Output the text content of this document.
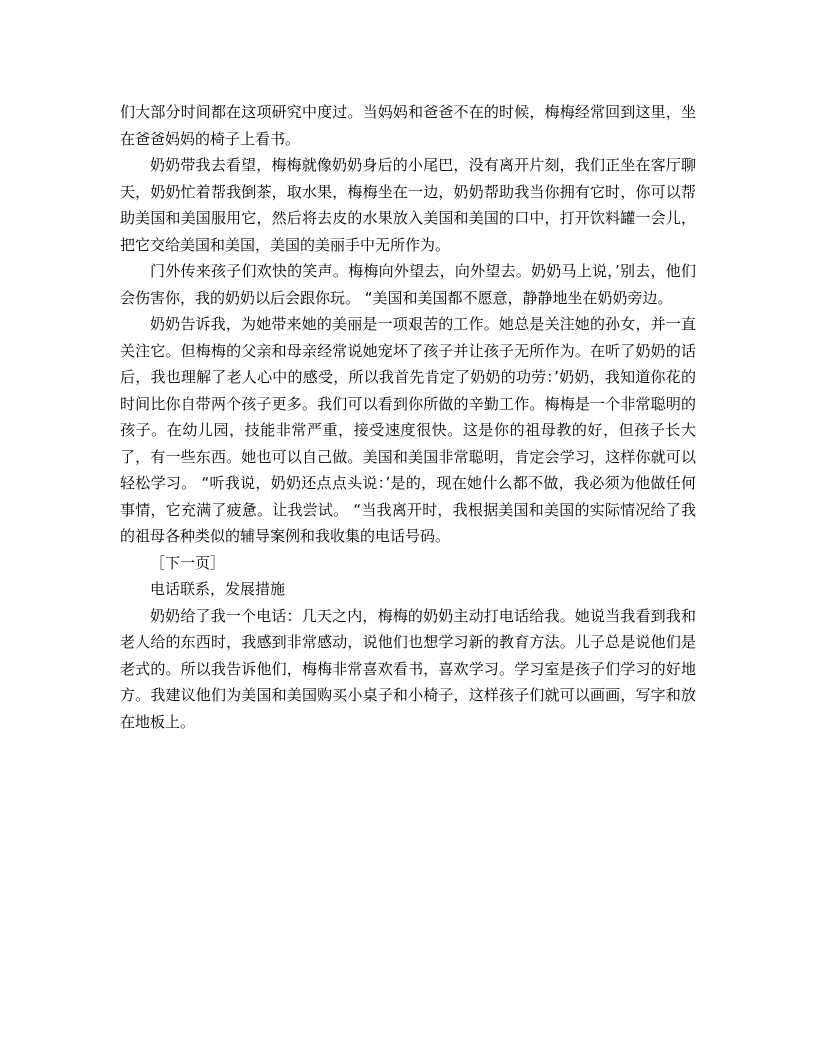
们大部分时间都在这项研究中度过。当妈妈和爸爸不在的时候，梅梅经常回到这里，坐在爸爸妈妈的椅子上看书。

奶奶带我去看望，梅梅就像奶奶身后的小尾巴，没有离开片刻，我们正坐在客厅聊天，奶奶忙着帮我倒茶，取水果，梅梅坐在一边，奶奶帮助我当你拥有它时，你可以帮助美国和美国服用它，然后将去皮的水果放入美国和美国的口中，打开饮料罐一会儿，把它交给美国和美国，美国的美丽手中无所作为。

门外传来孩子们欢快的笑声。梅梅向外望去，向外望去。奶奶马上说，’别去，他们会伤害你，我的奶奶以后会跟你玩。 “美国和美国都不愿意，静静地坐在奶奶旁边。

奶奶告诉我，为她带来她的美丽是一项艰苦的工作。她总是关注她的孙女，并一直关注它。但梅梅的父亲和母亲经常说她宠坏了孩子并让孩子无所作为。在听了奶奶的话后，我也理解了老人心中的感受，所以我首先肯定了奶奶的功劳：’奶奶，我知道你花的时间比你自带两个孩子更多。我们可以看到你所做的辛勤工作。梅梅是一个非常聪明的孩子。在幼儿园，技能非常严重，接受速度很快。这是你的祖母教的好，但孩子长大了，有一些东西。她也可以自己做。美国和美国非常聪明，肯定会学习，这样你就可以轻松学习。 “听我说，奶奶还点点头说：’是的，现在她什么都不做，我必须为他做任何事情，它充满了疲惫。让我尝试。 “当我离开时，我根据美国和美国的实际情况给了我的祖母各种类似的辅导案例和我收集的电话号码。

［下一页］

电话联系，发展措施

奶奶给了我一个电话：几天之内，梅梅的奶奶主动打电话给我。她说当我看到我和老人给的东西时，我感到非常感动，说他们也想学习新的教育方法。儿子总是说他们是老式的。所以我告诉他们，梅梅非常喜欢看书，喜欢学习。学习室是孩子们学习的好地方。我建议他们为美国和美国购买小桌子和小椅子，这样孩子们就可以画画，写字和放在地板上。
